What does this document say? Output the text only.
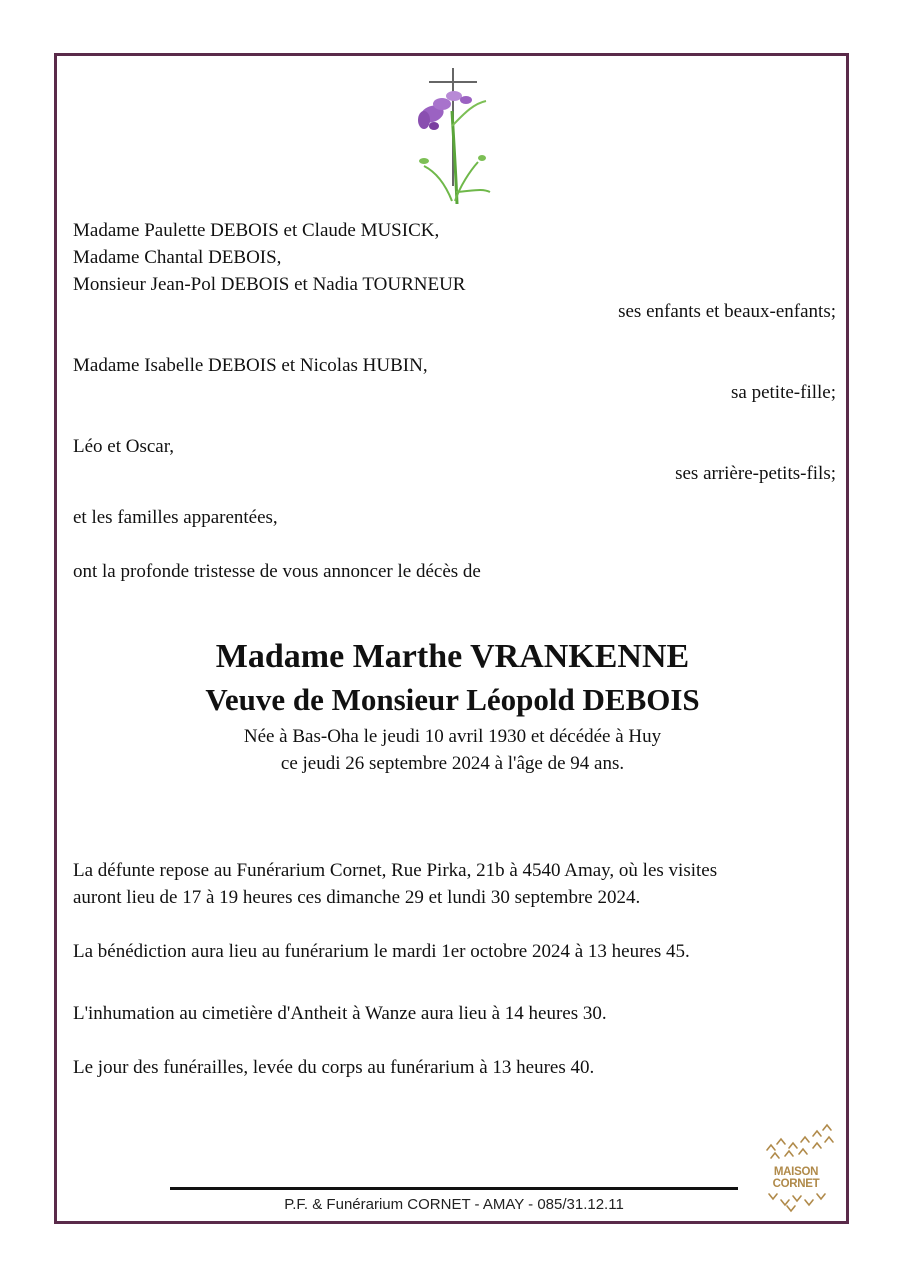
Madame Paulette DEBOIS et Claude MUSICK,
Madame Chantal DEBOIS,
Monsieur Jean-Pol DEBOIS et Nadia TOURNEUR
ses enfants et beaux-enfants;
Madame Isabelle DEBOIS et Nicolas HUBIN,
sa petite-fille;
Léo et Oscar,
ses arrière-petits-fils;
et les familles apparentées,
ont la profonde tristesse de vous annoncer le décès de
Madame Marthe VRANKENNE
Veuve de Monsieur Léopold DEBOIS
Née à Bas-Oha le jeudi 10 avril 1930 et décédée à Huy
ce jeudi 26 septembre 2024 à l'âge de 94 ans.
La défunte repose au Funérarium Cornet, Rue Pirka, 21b à 4540 Amay, où les visites
auront lieu de 17 à 19 heures ces dimanche 29 et lundi 30 septembre 2024.
La bénédiction aura lieu au funérarium le mardi 1er octobre 2024 à 13 heures 45.
L'inhumation au cimetière d'Antheit à Wanze aura lieu à 14 heures 30.
Le jour des funérailles, levée du corps au funérarium à 13 heures 40.
MAISON CORNET
P.F. & Funérarium CORNET - AMAY - 085/31.12.11
